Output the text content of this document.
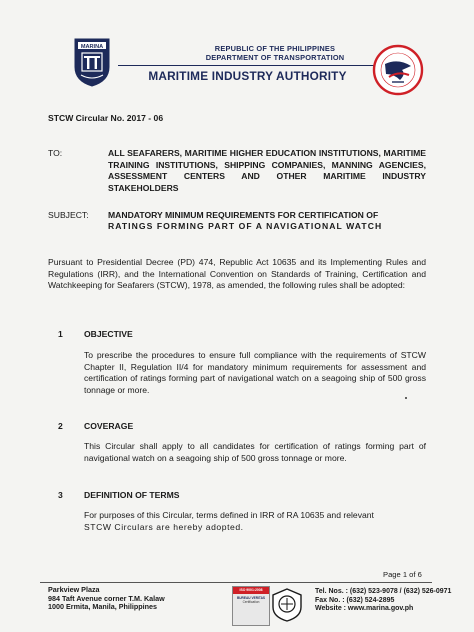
MARINA	REPUBLIC OF THE PHILIPPINES
DEPARTMENT OF TRANSPORTATION
MARITIME INDUSTRY AUTHORITY
STCW Circular No. 2017 - 06
TO:	ALL SEAFARERS, MARITIME HIGHER EDUCATION INSTITUTIONS, MARITIME TRAINING INSTITUTIONS, SHIPPING COMPANIES, MANNING AGENCIES, ASSESSMENT CENTERS AND OTHER MARITIME INDUSTRY STAKEHOLDERS
SUBJECT: MANDATORY MINIMUM REQUIREMENTS FOR CERTIFICATION OF
RATINGS FORMING PART OF A NAVIGATIONAL WATCH
Pursuant to Presidential Decree (PD) 474, Republic Act 10635 and its Implementing Rules and Regulations (IRR), and the International Convention on Standards of Training, Certification and Watchkeeping for Seafarers (STCW), 1978, as amended, the following rules shall be adopted:
1 OBJECTIVE
To prescribe the procedures to ensure full compliance with the requirements of STCW Chapter II, Regulation II/4 for mandatory minimum requirements for assessment and certification of ratings forming part of navigational watch on a seagoing ship of 500 gross tonnage or more.
2 COVERAGE
This Circular shall apply to all candidates for certification of ratings forming part of navigational watch on a seagoing ship of 500 gross tonnage or more.
3 DEFINITION OF TERMS
For purposes of this Circular, terms defined in IRR of RA 10635 and relevant
STCW Circulars are hereby adopted.
Page 1 of 6
Parkview Plaza
984 Taft Avenue corner T.M. Kalaw
1000 Ermita, Manila, Philippines
ISO 9001:2008
BUREAU VERITAS
Certification
Tel. Nos. : (632) 523-9078 / (632) 526-0971
Fax No. : (632) 524-2895
Website : www.marina.gov.ph
